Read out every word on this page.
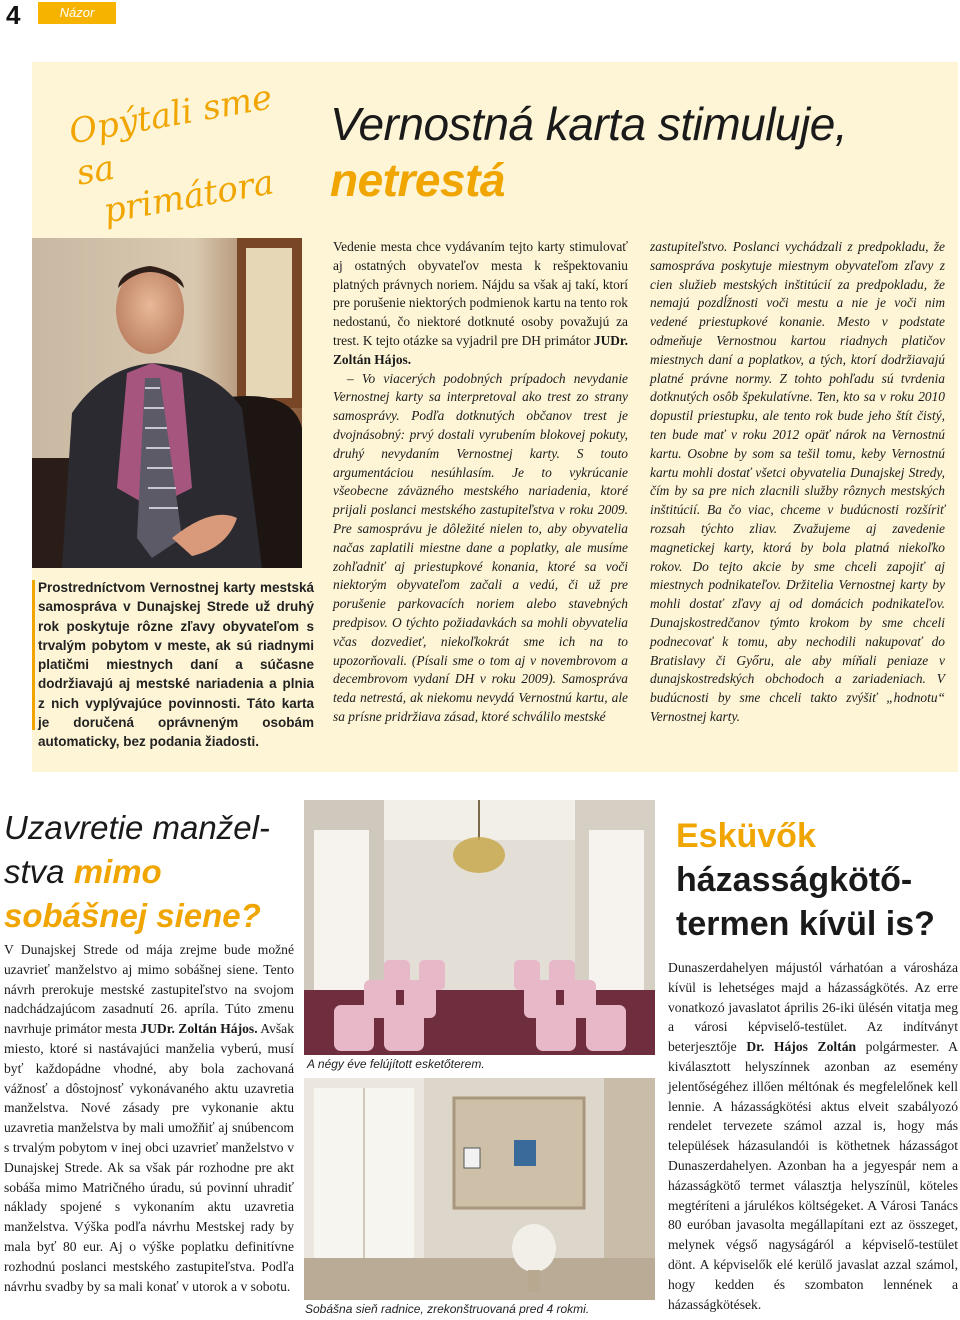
4	Názor
Opýtali sme sa
primátora
Vernostná karta stimuluje,
netrestá

Prostredníctvom Vernostnej karty mestská samospráva v Dunajskej Strede už druhý rok poskytuje rôzne zľavy obyvateľom s trvalým pobytom v meste, ak sú riadnymi platičmi miestnych daní a súčasne dodržiavajú aj mestské nariadenia a plnia z nich vyplývajúce povinnosti. Táto karta je doručená oprávneným osobám automaticky, bez podania žiadosti.

Vedenie mesta chce vydávaním tejto karty stimulovať aj ostatných obyvateľov mesta k rešpektovaniu platných právnych noriem. Nájdu sa však aj takí, ktorí pre porušenie niektorých podmienok kartu na tento rok nedostanú, čo niektoré dotknuté osoby považujú za trest. K tejto otázke sa vyjadril pre DH primátor JUDr. Zoltán Hájos.

– Vo viacerých podobných prípadoch nevydanie Vernostnej karty sa interpretoval ako trest zo strany samosprávy. Podľa dotknutých občanov trest je dvojnásobný: prvý dostali vyrubením blokovej pokuty, druhý nevydaním Vernostnej karty. S touto argumentáciou nesúhlasím. Je to vykrúcanie všeobecne záväzného mestského nariadenia, ktoré prijali poslanci mestského zastupiteľstva v roku 2009. Pre samosprávu je dôležité nielen to, aby obyvatelia načas zaplatili miestne dane a poplatky, ale musíme zohľadniť aj priestupkové konania, ktoré sa voči niektorým obyvateľom začali a vedú, či už pre porušenie parkovacích noriem alebo stavebných predpisov. O týchto požiadavkách sa mohli obyvatelia včas dozvedieť, niekoľkokrát sme ich na to upozorňovali. (Písali sme o tom aj v novembrovom a decembrovom vydaní DH v roku 2009). Samospráva teda netrestá, ak niekomu nevydá Vernostnú kartu, ale sa prísne pridržiava zásad, ktoré schválilo mestské

zastupiteľstvo. Poslanci vychádzali z predpokladu, že samospráva poskytuje miestnym obyvateľom zľavy z cien služieb mestských inštitúcií za predpokladu, že nemajú pozdĺžnosti voči mestu a nie je voči nim vedené priestupkové konanie. Mesto v podstate odmeňuje Vernostnou kartou riadnych platičov miestnych daní a poplatkov, a tých, ktorí dodržiavajú platné právne normy. Z tohto pohľadu sú tvrdenia dotknutých osôb špekulatívne. Ten, kto sa v roku 2010 dopustil priestupku, ale tento rok bude jeho štít čistý, ten bude mať v roku 2012 opäť nárok na Vernostnú kartu. Osobne by som sa tešil tomu, keby Vernostnú kartu mohli dostať všetci obyvatelia Dunajskej Stredy, čím by sa pre nich zlacnili služby rôznych mestských inštitúcií. Ba čo viac, chceme v budúcnosti rozšíriť rozsah týchto zliav. Zvažujeme aj zavedenie magnetickej karty, ktorá by bola platná niekoľko rokov. Do tejto akcie by sme chceli zapojiť aj miestnych podnikateľov. Držitelia Vernostnej karty by mohli dostať zľavy aj od domácich podnikateľov. Dunajskostredčanov týmto krokom by sme chceli podnecovať k tomu, aby nechodili nakupovať do Bratislavy či Győru, ale aby míňali peniaze v dunajskostredských obchodoch a zariadeniach. V budúcnosti by sme chceli takto zvýšiť „hodnotu“ Vernostnej karty.

Uzavretie manžel-
stva mimo
sobášnej siene?

V Dunajskej Strede od mája zrejme bude možné uzavrieť manželstvo aj mimo sobášnej siene. Tento návrh prerokuje mestské zastupiteľstvo na svojom nadchádzajúcom zasadnutí 26. apríla. Túto zmenu navrhuje primátor mesta JUDr. Zoltán Hájos. Avšak miesto, ktoré si nastávajúci manželia vyberú, musí byť každopádne vhodné, aby bola zachovaná vážnosť a dôstojnosť vykonávaného aktu uzavretia manželstva. Nové zásady pre vykonanie aktu uzavretia manželstva by mali umožňiť aj snúbencom s trvalým pobytom v inej obci uzavrieť manželstvo v Dunajskej Strede. Ak sa však pár rozhodne pre akt sobáša mimo Matričného úradu, sú povinní uhradiť náklady spojené s vykonaním aktu uzavretia manželstva. Výška podľa návrhu Mestskej rady by mala byť 80 eur. Aj o výške poplatku definitívne rozhodnú poslanci mestského zastupiteľstva. Podľa návrhu svadby by sa mali konať v utorok a v sobotu.

A négy éve felújított esketőterem.
Sobášna sieň radnice, zrekonštruovaná pred 4 rokmi.
Esküvők
házasságkötő-
termen kívül is?

Dunaszerdahelyen májustól várhatóan a városháza kívül is lehetséges majd a házasságkötés. Az erre vonatkozó javaslatot április 26-iki ülésén vitatja meg a városi képviselő-testület. Az indítványt beterjesztője Dr. Hájos Zoltán polgármester. A kiválasztott helyszínnek azonban az esemény jelentőségéhez illően méltónak és megfelelőnek kell lennie. A házasságkötési aktus elveit szabályozó rendelet tervezete számol azzal is, hogy más települések házasulandói is köthetnek házasságot Dunaszerdahelyen. Azonban ha a jegyespár nem a házasságkötő termet választja helyszínül, köteles megtéríteni a járulékos költségeket. A Városi Tanács 80 euróban javasolta megállapítani ezt az összeget, melynek végső nagyságáról a képviselő-testület dönt. A képviselők elé kerülő javaslat azzal számol, hogy kedden és szombaton lennének a házasságkötések.
